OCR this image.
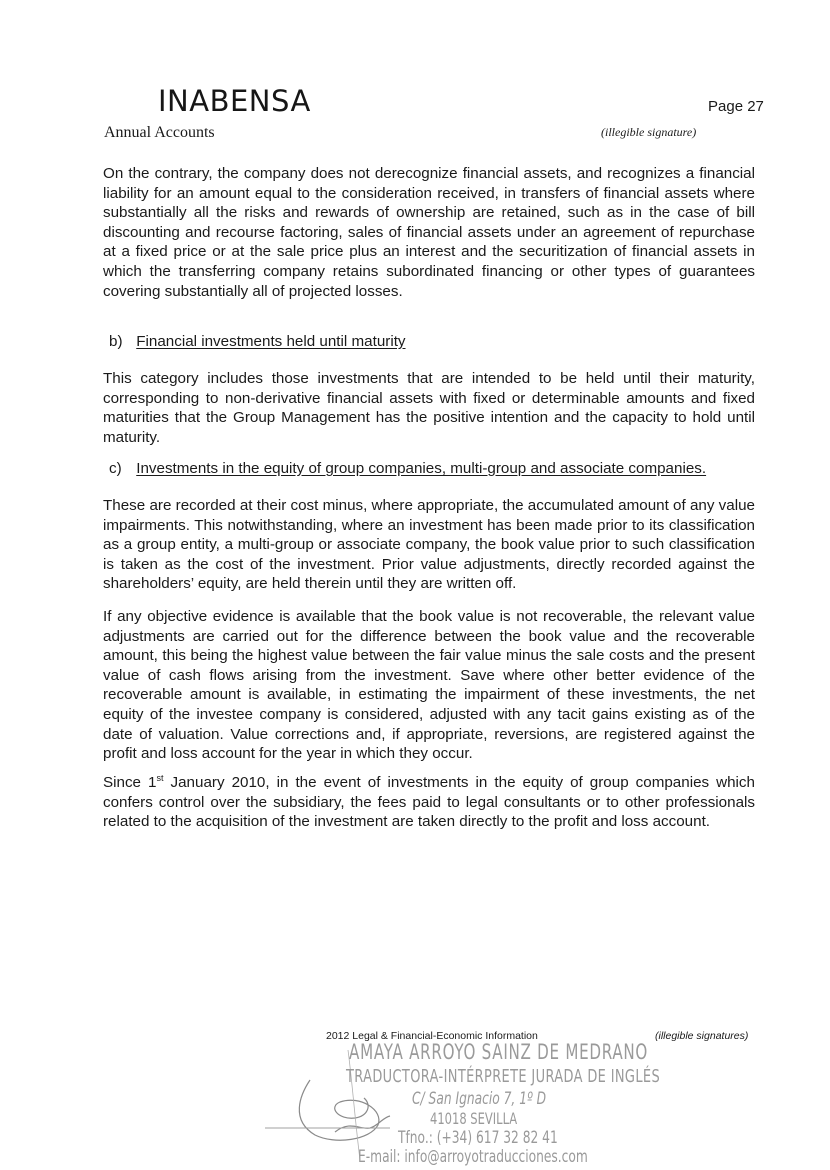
INABENSA
Annual Accounts
Page 27
(illegible signature)

On the contrary, the company does not derecognize financial assets, and recognizes a financial liability for an amount equal to the consideration received, in transfers of financial assets where substantially all the risks and rewards of ownership are retained, such as in the case of bill discounting and recourse factoring, sales of financial assets under an agreement of repurchase at a fixed price or at the sale price plus an interest and the securitization of financial assets in which the transferring company retains subordinated financing or other types of guarantees covering substantially all of projected losses.

b) Financial investments held until maturity

This category includes those investments that are intended to be held until their maturity, corresponding to non-derivative financial assets with fixed or determinable amounts and fixed maturities that the Group Management has the positive intention and the capacity to hold until maturity.

c) Investments in the equity of group companies, multi-group and associate companies.

These are recorded at their cost minus, where appropriate, the accumulated amount of any value impairments. This notwithstanding, where an investment has been made prior to its classification as a group entity, a multi-group or associate company, the book value prior to such classification is taken as the cost of the investment. Prior value adjustments, directly recorded against the shareholders’ equity, are held therein until they are written off.

If any objective evidence is available that the book value is not recoverable, the relevant value adjustments are carried out for the difference between the book value and the recoverable amount, this being the highest value between the fair value minus the sale costs and the present value of cash flows arising from the investment. Save where other better evidence of the recoverable amount is available, in estimating the impairment of these investments, the net equity of the investee company is considered, adjusted with any tacit gains existing as of the date of valuation. Value corrections and, if appropriate, reversions, are registered against the profit and loss account for the year in which they occur.

Since 1st January 2010, in the event of investments in the equity of group companies which confers control over the subsidiary, the fees paid to legal consultants or to other professionals related to the acquisition of the investment are taken directly to the profit and loss account.

2012 Legal & Financial-Economic Information	(illegible signatures)
AMAYA ARROYO SAINZ DE MEDRANO
TRADUCTORA-INTÉRPRETE JURADA DE INGLÉS
C/ San Ignacio 7, 1º D
41018 SEVILLA
Tfno.: (+34) 617 32 82 41
E-mail: info@arroyotraducciones.com
